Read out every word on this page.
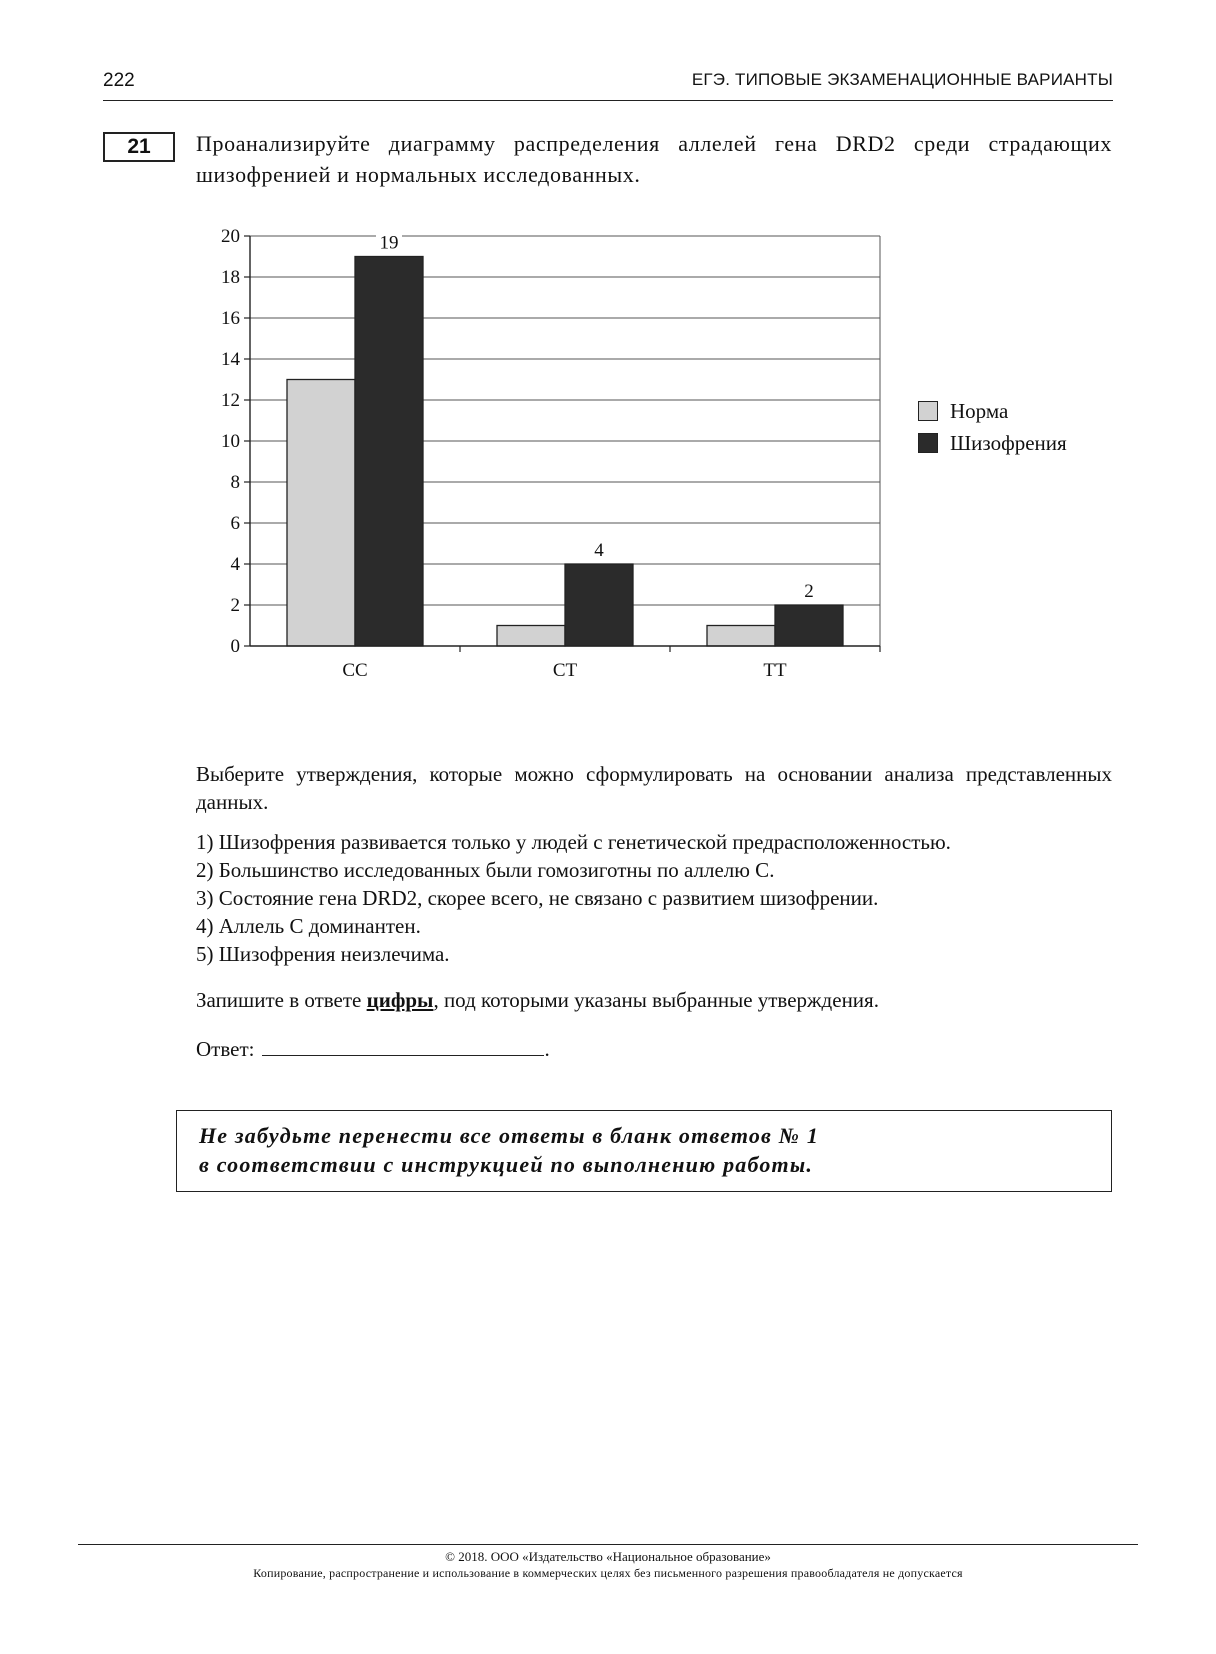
222	ЕГЭ. ТИПОВЫЕ ЭКЗАМЕНАЦИОННЫЕ ВАРИАНТЫ
21	Проанализируйте диаграмму распределения аллелей гена DRD2 среди страдающих шизофренией и нормальных исследованных.
0
2
4
6
8
10
12
14
16
18
20
CC	CT	TT
19
4
2
Норма
Шизофрения
Выберите утверждения, которые можно сформулировать на основании анализа представленных данных.
1) Шизофрения развивается только у людей с генетической предрасположенностью.
2) Большинство исследованных были гомозиготны по аллелю С.
3) Состояние гена DRD2, скорее всего, не связано с развитием шизофрении.
4) Аллель С доминантен.
5) Шизофрения неизлечима.
Запишите в ответе цифры, под которыми указаны выбранные утверждения.
Ответ:	.
Не забудьте перенести все ответы в бланк ответов № 1
в соответствии с инструкцией по выполнению работы.
© 2018. ООО «Издательство «Национальное образование»
Копирование, распространение и использование в коммерческих целях без письменного разрешения правообладателя не допускается
